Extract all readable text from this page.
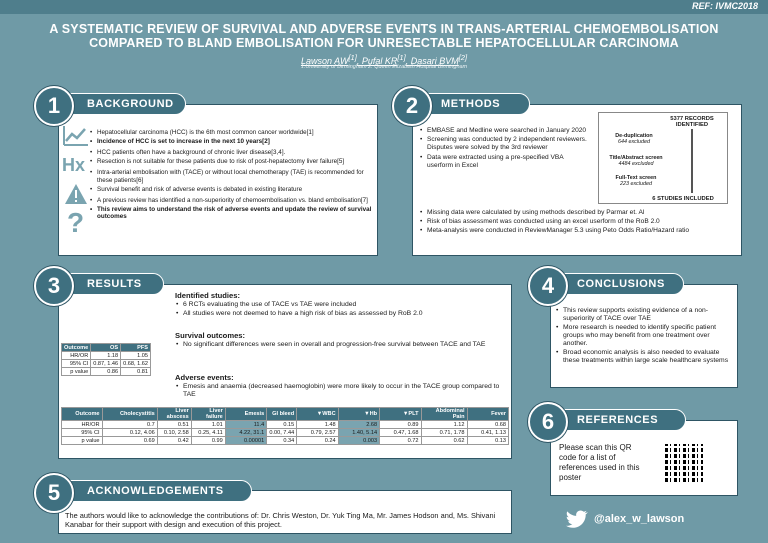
REF: IVMC2018
A SYSTEMATIC REVIEW OF SURVIVAL AND ADVERSE EVENTS IN TRANS-ARTERIAL CHEMOEMBOLISATION
COMPARED TO BLAND EMBOLISATION FOR UNRESECTABLE HEPATOCELLULAR CARCINOMA
Lawson AW[1], Pufal KR[1], Dasari BVM[2]
1.University of Birmingham 2. Queen Elizabeth Hospital Birmingham
Hx
?
• Hepatocellular carcinoma (HCC) is the 6th most common cancer worldwide[1]
• Incidence of HCC is set to increase in the next 10 years[2]
• HCC patients often have a background of chronic liver disease[3,4].
• Resection is not suitable for these patients due to risk of post-hepatectomy liver failure[5]
• Intra-arterial embolisation with (TACE) or without local chemotherapy (TAE) is recommended for these patients[6]
• Survival benefit and risk of adverse events is debated in existing literature
• A previous review has identified a non-superiority of chemoembolisation vs. bland embolisation[7]
• This review aims to understand the risk of adverse events and update the review of survival outcomes
BACKGROUND
1
• EMBASE and Medline were searched in January 2020
• Screening was conducted by 2 independent reviewers. Disputes were solved by the 3rd reviewer
• Data were extracted using a pre-specified VBA userform in Excel
• Missing data were calculated by using methods described by Parmar et. Al
• Risk of bias assessment was conducted using an excel userform of the RoB 2.0
• Meta-analysis were conducted in ReviewManager 5.3 using Peto Odds Ratio/Hazard ratio
5377 RECORDS IDENTIFIED
De-duplication
644 excluded
Title/Abstract screen
4484 excluded
Full-Text screen
223 excluded
6 STUDIES INCLUDED
METHODS
2
Identified studies:
• 6 RCTs evaluating the use of TACE vs TAE were included
• All studies were not deemed to have a high risk of bias as assessed by RoB 2.0
Survival outcomes:
• No significant differences were seen in overall and progression-free survival between TACE and TAE
Adverse events:
• Emesis and anaemia (decreased haemoglobin) were more likely to occur in the TACE group compared to TAE
Outcome	OS	PFS
HR/OR	1.18	1.05
95% CI	0.87, 1.46	0.68, 1.62
p value	0.86	0.81
Outcome	Cholecystitis	Liver abscess	Liver failure	Emesis	GI bleed	▼WBC	▼Hb	▼PLT	Abdominal Pain	Fever
HR/OR	0.7	0.51	1.01	11.4	0.15	1.48	2.68	0.89	1.12	0.68
95% CI	0.12, 4.06	0.10, 2.58	0.25, 4.11	4.22, 31.1	0.00, 7.44	0.79, 2.57	1.40, 5.14	0.47, 1.68	0.71, 1.78	0.41, 1.13
p value	0.69	0.42	0.99	0.00001	0.34	0.24	0.003	0.72	0.62	0.13
RESULTS
3
• This review supports existing evidence of a non-superiority of TACE over TAE
• More research is needed to identify specific patient groups who may benefit from one treatment over another.
• Broad economic analysis is also needed to evaluate these treatments within large scale healthcare systems
CONCLUSIONS
4
Please scan this QR code for a list of references used in this poster
REFERENCES
6
The authors would like to acknowledge the contributions of: Dr. Chris Weston, Dr. Yuk Ting Ma, Mr. James Hodson and, Ms. Shivani Kanabar for their support with design and execution of this project.
ACKNOWLEDGEMENTS
5
@alex_w_lawson
